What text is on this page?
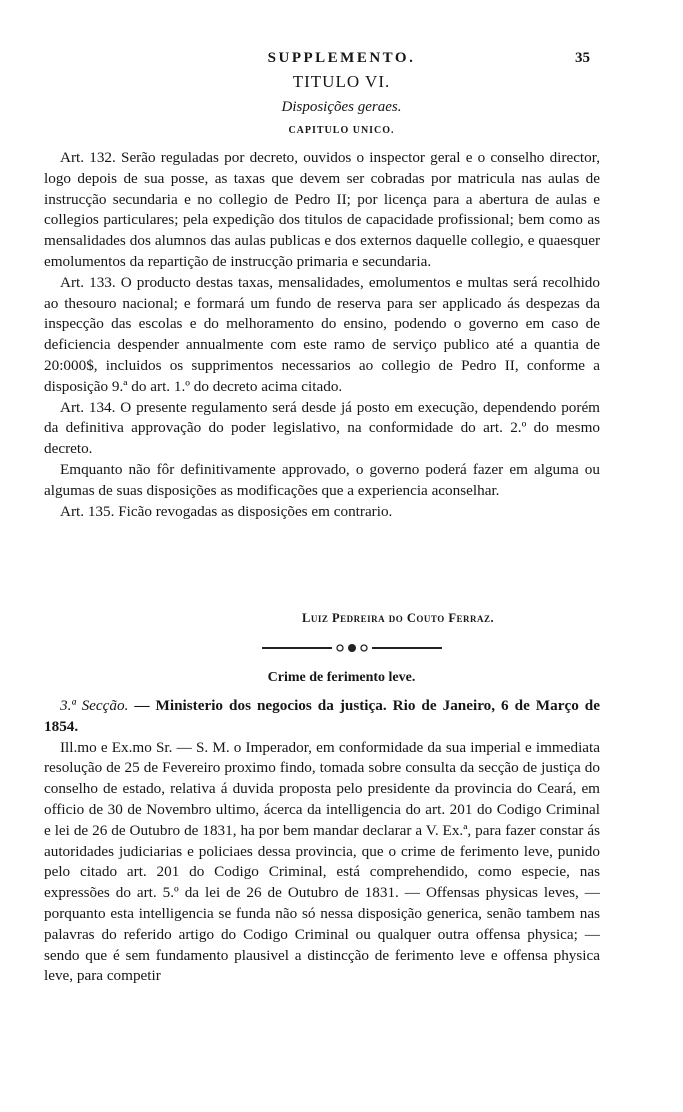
SUPPLEMENTO.	35
TITULO VI.
Disposições geraes.
CAPITULO UNICO.

Art. 132. Serão reguladas por decreto, ouvidos o inspector geral e o conselho director, logo depois de sua posse, as taxas que devem ser cobradas por matricula nas aulas de instrucção secundaria e no collegio de Pedro II; por licença para a abertura de aulas e collegios particulares; pela expedição dos titulos de capacidade profissional; bem como as mensalidades dos alumnos das aulas publicas e dos externos daquelle collegio, e quaesquer emolumentos da repartição de instrucção primaria e secundaria.

Art. 133. O producto destas taxas, mensalidades, emolumentos e multas será recolhido ao thesouro nacional; e formará um fundo de reserva para ser applicado ás despezas da inspecção das escolas e do melhoramento do ensino, podendo o governo em caso de deficiencia despender annualmente com este ramo de serviço publico até a quantia de 20:000$, incluidos os supprimentos necessarios ao collegio de Pedro II, conforme a disposição 9.ª do art. 1.º do decreto acima citado.

Art. 134. O presente regulamento será desde já posto em execução, dependendo porém da definitiva approvação do poder legislativo, na conformidade do art. 2.º do mesmo decreto.

Emquanto não fôr definitivamente approvado, o governo poderá fazer em alguma ou algumas de suas disposições as modificações que a experiencia aconselhar.

Art. 135. Ficão revogadas as disposições em contrario.

Luiz Pedreira do Couto Ferraz.
Crime de ferimento leve.

3.ª Secção. — Ministerio dos negocios da justiça. Rio de Janeiro, 6 de Março de 1854.

Ill.mo e Ex.mo Sr. — S. M. o Imperador, em conformidade da sua imperial e immediata resolução de 25 de Fevereiro proximo findo, tomada sobre consulta da secção de justiça do conselho de estado, relativa á duvida proposta pelo presidente da provincia do Ceará, em officio de 30 de Novembro ultimo, ácerca da intelligencia do art. 201 do Codigo Criminal e lei de 26 de Outubro de 1831, ha por bem mandar declarar a V. Ex.ª, para fazer constar ás autoridades judiciarias e policiaes dessa provincia, que o crime de ferimento leve, punido pelo citado art. 201 do Codigo Criminal, está comprehendido, como especie, nas expressões do art. 5.º da lei de 26 de Outubro de 1831. — Offensas physicas leves, — porquanto esta intelligencia se funda não só nessa disposição generica, senão tambem nas palavras do referido artigo do Codigo Criminal ou qualquer outra offensa physica; — sendo que é sem fundamento plausivel a distincção de ferimento leve e offensa physica leve, para competir
